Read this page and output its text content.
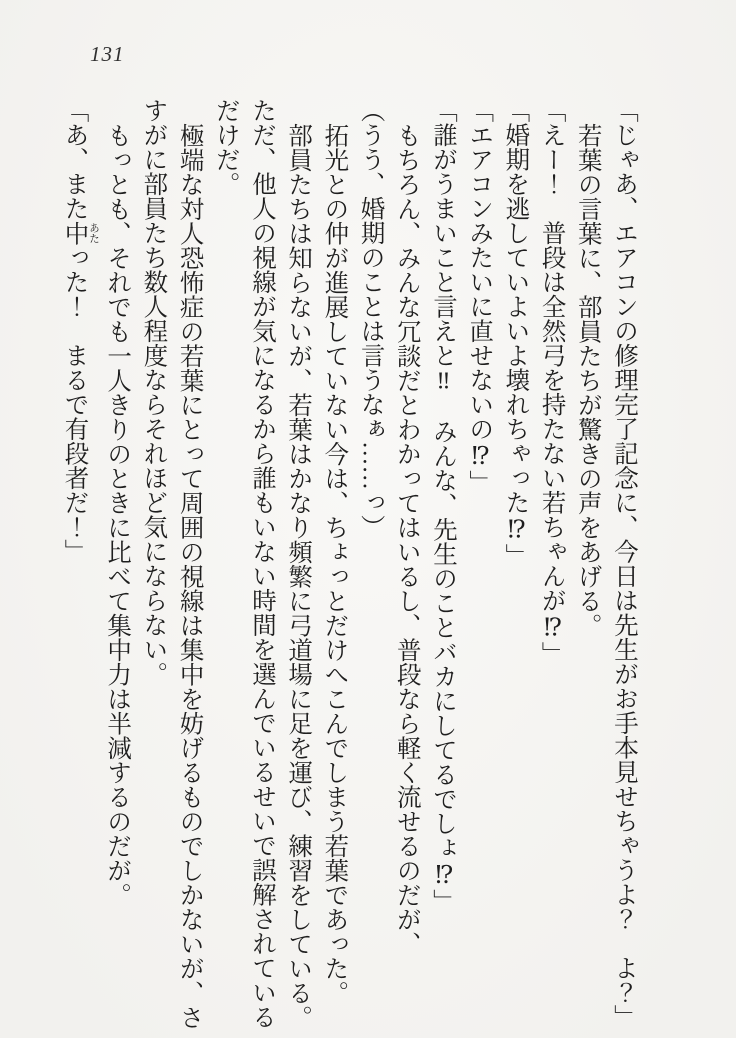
131
「じゃあ、エアコンの修理完了記念に、今日は先生がお手本見せちゃうよ？　よ？」
若葉の言葉に、部員たちが驚きの声をあげる。
「えー！　普段は全然弓を持たない若ちゃんが⁉」
「婚期を逃していよいよ壊れちゃった⁉」
「エアコンみたいに直せないの⁉」
「誰がうまいこと言えと‼　みんな、先生のことバカにしてるでしょ⁉」
もちろん、みんな冗談だとわかってはいるし、普段なら軽く流せるのだが、
（うう、婚期のことは言うなぁ……っ）
拓光との仲が進展していない今は、ちょっとだけへこんでしまう若葉であった。
部員たちは知らないが、若葉はかなり頻繁に弓道場に足を運び、練習をしている。
ただ、他人の視線が気になるから誰もいない時間を選んでいるせいで誤解されている
だけだ。
極端な対人恐怖症の若葉にとって周囲の視線は集中を妨げるものでしかないが、さ
すがに部員たち数人程度ならそれほど気にならない。
もっとも、それでも一人きりのときに比べて集中力は半減するのだが。
「あ、また中 あたった！　まるで有段者だ！」
